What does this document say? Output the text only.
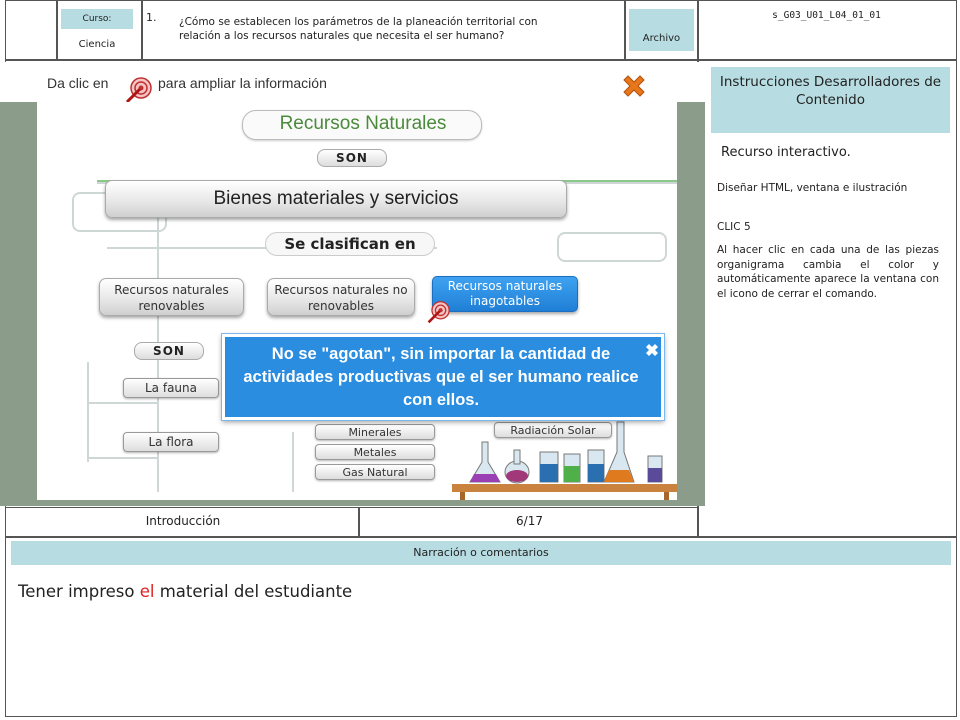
Curso:
Ciencia
1. ¿Cómo se establecen los parámetros de la planeación territorial con relación a los recursos naturales que necesita el ser humano?	Archivo
s_G03_U01_L04_01_01
Introducción	6/17
Instrucciones Desarrolladores de Contenido
Recurso interactivo.
Diseñar HTML, ventana e ilustración
CLIC 5
Al hacer clic en cada una de las piezas organigrama cambia el color y automáticamente aparece la ventana con el icono de cerrar el comando.
Narración o comentarios
Tener impreso el material del estudiante
Da clic en	para ampliar la información
Recursos Naturales
SON
Bienes materiales y servicios
Se clasifican en
Recursos naturales renovables
Recursos naturales no renovables
Recursos naturales inagotables
SON
La fauna
La flora
Minerales
Metales
Gas Natural
Radiación Solar
No se "agotan", sin importar la cantidad de actividades productivas que el ser humano realice con ellos.
